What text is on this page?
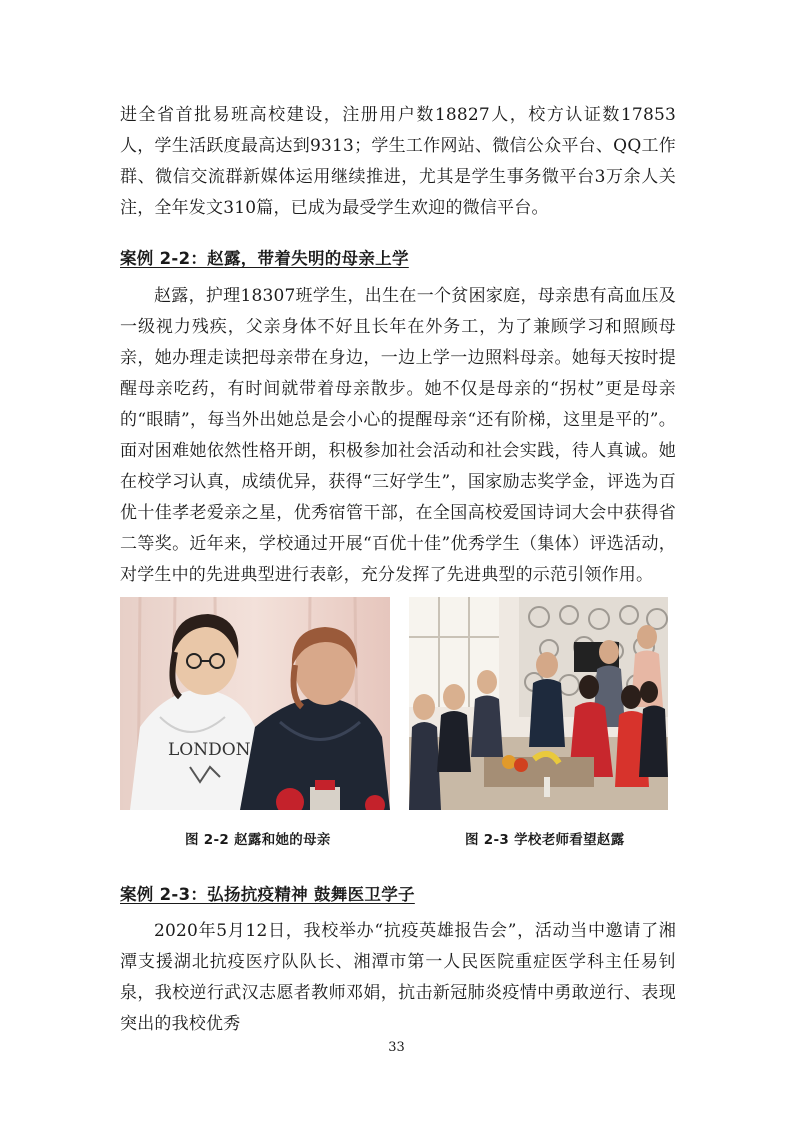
进全省首批易班高校建设，注册用户数18827人，校方认证数17853人，学生活跃度最高达到9313；学生工作网站、微信公众平台、QQ工作群、微信交流群新媒体运用继续推进，尤其是学生事务微平台3万余人关注，全年发文310篇，已成为最受学生欢迎的微信平台。

案例 2-2：赵露，带着失明的母亲上学

赵露，护理18307班学生，出生在一个贫困家庭，母亲患有高血压及一级视力残疾，父亲身体不好且长年在外务工，为了兼顾学习和照顾母亲，她办理走读把母亲带在身边，一边上学一边照料母亲。她每天按时提醒母亲吃药，有时间就带着母亲散步。她不仅是母亲的“拐杖”更是母亲的“眼睛”，每当外出她总是会小心的提醒母亲“还有阶梯，这里是平的”。面对困难她依然性格开朗，积极参加社会活动和社会实践，待人真诚。她在校学习认真，成绩优异，获得“三好学生”，国家励志奖学金，评选为百优十佳孝老爱亲之星，优秀宿管干部，在全国高校爱国诗词大会中获得省二等奖。近年来，学校通过开展“百优十佳”优秀学生（集体）评选活动，对学生中的先进典型进行表彰，充分发挥了先进典型的示范引领作用。

LONDON

图 2-2 赵露和她的母亲	图 2-3 学校老师看望赵露

案例 2-3：弘扬抗疫精神 鼓舞医卫学子

2020年5月12日，我校举办“抗疫英雄报告会”，活动当中邀请了湘潭支援湖北抗疫医疗队队长、湘潭市第一人民医院重症医学科主任易钊泉，我校逆行武汉志愿者教师邓娟，抗击新冠肺炎疫情中勇敢逆行、表现突出的我校优秀

33
